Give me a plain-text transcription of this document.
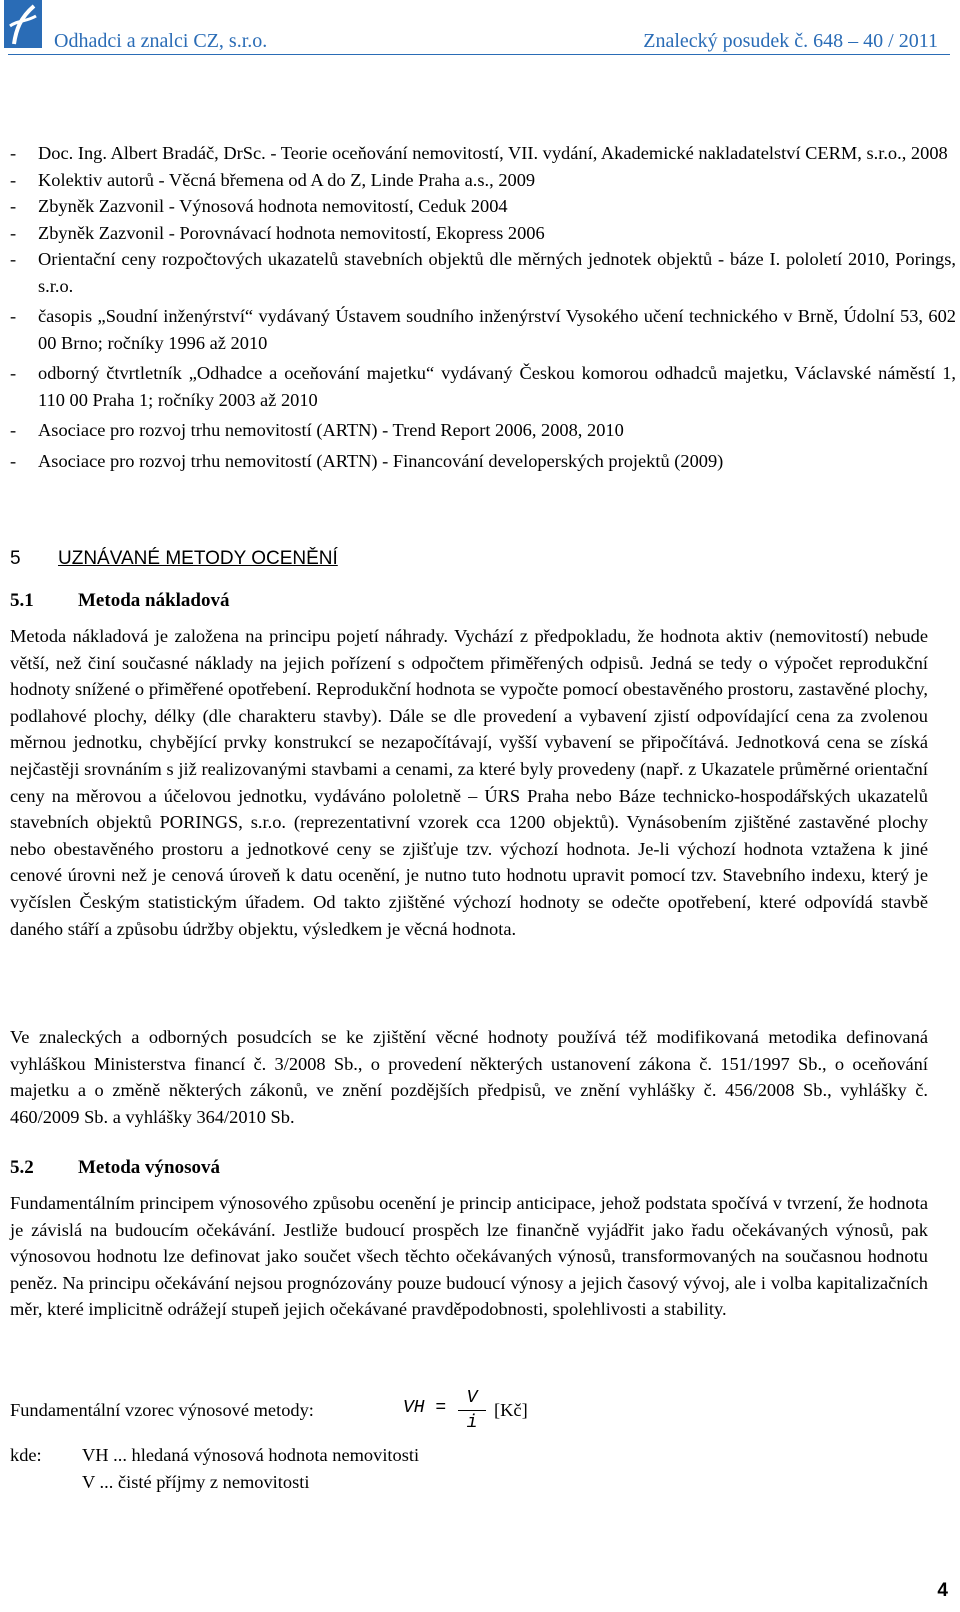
Odhadci a znalci CZ, s.r.o.	Znalecký posudek č. 648 – 40 / 2011
- Doc. Ing. Albert Bradáč, DrSc. - Teorie oceňování nemovitostí, VII. vydání, Akademické nakladatelství CERM, s.r.o., 2008
- Kolektiv autorů - Věcná břemena od A do Z, Linde Praha a.s., 2009
- Zbyněk Zazvonil - Výnosová hodnota nemovitostí, Ceduk 2004
- Zbyněk Zazvonil - Porovnávací hodnota nemovitostí, Ekopress 2006
- Orientační ceny rozpočtových ukazatelů stavebních objektů dle měrných jednotek objektů - báze I. pololetí 2010, Porings, s.r.o.
- časopis „Soudní inženýrství“ vydávaný Ústavem soudního inženýrství Vysokého učení technického v Brně, Údolní 53, 602 00 Brno; ročníky 1996 až 2010
- odborný čtvrtletník „Odhadce a oceňování majetku“ vydávaný Českou komorou odhadců majetku, Václavské náměstí 1, 110 00 Praha 1; ročníky 2003 až 2010
- Asociace pro rozvoj trhu nemovitostí (ARTN) - Trend Report 2006, 2008, 2010
- Asociace pro rozvoj trhu nemovitostí (ARTN) - Financování developerských projektů (2009)
5 UZNÁVANÉ METODY OCENĚNÍ
5.1 Metoda nákladová

Metoda nákladová je založena na principu pojetí náhrady. Vychází z předpokladu, že hodnota aktiv (nemovitostí) nebude větší, než činí současné náklady na jejich pořízení s odpočtem přiměřených odpisů. Jedná se tedy o výpočet reprodukční hodnoty snížené o přiměřené opotřebení. Reprodukční hodnota se vypočte pomocí obestavěného prostoru, zastavěné plochy, podlahové plochy, délky (dle charakteru stavby). Dále se dle provedení a vybavení zjistí odpovídající cena za zvolenou měrnou jednotku, chybějící prvky konstrukcí se nezapočítávají, vyšší vybavení se připočítává. Jednotková cena se získá nejčastěji srovnáním s již realizovanými stavbami a cenami, za které byly provedeny (např. z Ukazatele průměrné orientační ceny na měrovou a účelovou jednotku, vydáváno pololetně – ÚRS Praha nebo Báze technicko-hospodářských ukazatelů stavebních objektů PORINGS, s.r.o. (reprezentativní vzorek cca 1200 objektů). Vynásobením zjištěné zastavěné plochy nebo obestavěného prostoru a jednotkové ceny se zjišťuje tzv. výchozí hodnota. Je-li výchozí hodnota vztažena k jiné cenové úrovni než je cenová úroveň k datu ocenění, je nutno tuto hodnotu upravit pomocí tzv. Stavebního indexu, který je vyčíslen Českým statistickým úřadem. Od takto zjištěné výchozí hodnoty se odečte opotřebení, které odpovídá stavbě daného stáří a způsobu údržby objektu, výsledkem je věcná hodnota.

Ve znaleckých a odborných posudcích se ke zjištění věcné hodnoty používá též modifikovaná metodika definovaná vyhláškou Ministerstva financí č. 3/2008 Sb., o provedení některých ustanovení zákona č. 151/1997 Sb., o oceňování majetku a o změně některých zákonů, ve znění pozdějších předpisů, ve znění vyhlášky č. 456/2008 Sb., vyhlášky č. 460/2009 Sb. a vyhlášky 364/2010 Sb.

5.2 Metoda výnosová

Fundamentálním principem výnosového způsobu ocenění je princip anticipace, jehož podstata spočívá v tvrzení, že hodnota je závislá na budoucím očekávání. Jestliže budoucí prospěch lze finančně vyjádřit jako řadu očekávaných výnosů, pak výnosovou hodnotu lze definovat jako součet všech těchto očekávaných výnosů, transformovaných na současnou hodnotu peněz. Na principu očekávání nejsou prognózovány pouze budoucí výnosy a jejich časový vývoj, ale i volba kapitalizačních měr, které implicitně odrážejí stupeň jejich očekávané pravděpodobnosti, spolehlivosti a stability.

Fundamentální vzorec výnosové metody:	VH =	V
i
[Kč]
kde: VH ... hledaná výnosová hodnota nemovitosti
V ... čisté příjmy z nemovitosti
4
